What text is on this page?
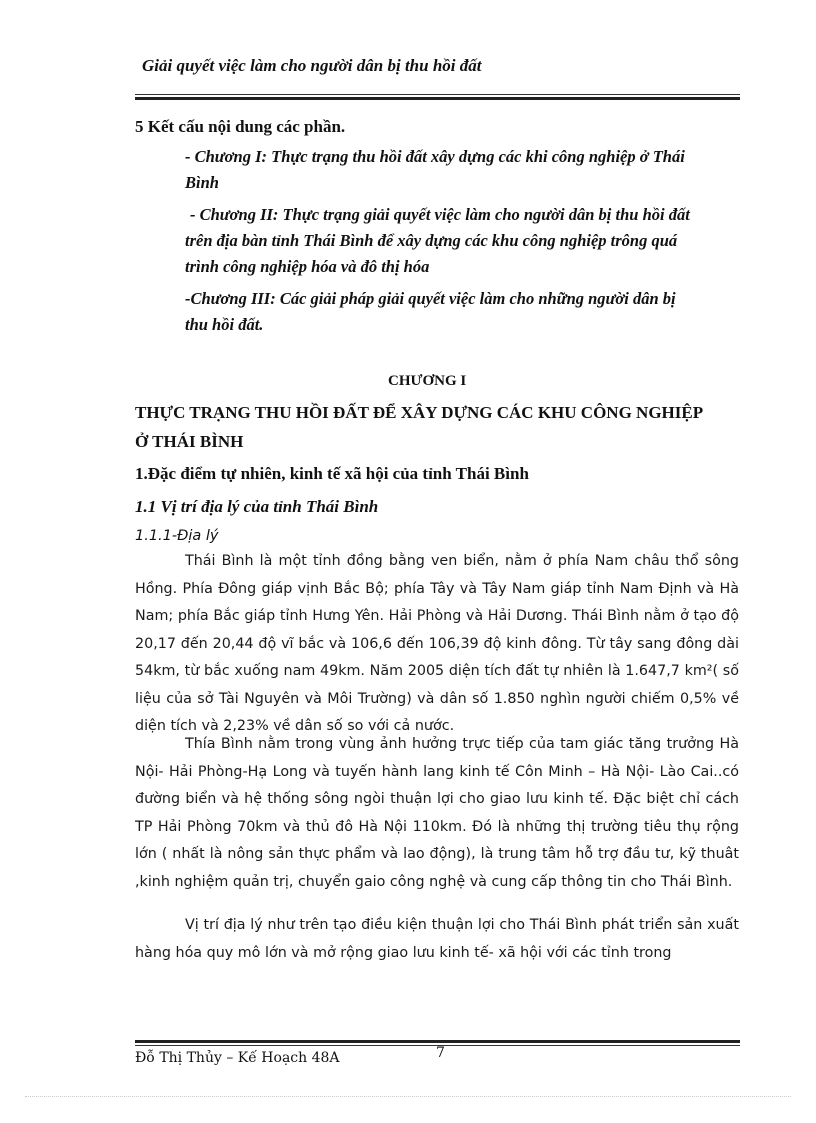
Giải quyết việc làm cho người dân bị thu hồi đất
5 Kết cấu nội dung các phần.
- Chương I: Thực trạng thu hồi đất xây dựng các khi công nghiệp ở Thái
Bình
- Chương II: Thực trạng giải quyết việc làm cho người dân bị thu hồi đất
trên địa bàn tỉnh Thái Bình để xây dựng các khu công nghiệp trông quá
trình công nghiệp hóa và đô thị hóa
-Chương III: Các giải pháp giải quyết việc làm cho những người dân bị
thu hồi đất.
CHƯƠNG I
THỰC TRẠNG THU HỒI ĐẤT ĐỂ XÂY DỰNG CÁC KHU CÔNG NGHIỆP
Ở THÁI BÌNH
1.Đặc điểm tự nhiên, kinh tế xã hội của tỉnh Thái Bình
1.1 Vị trí địa lý của tỉnh Thái Bình
1.1.1-Địa lý

Thái Bình là một tỉnh đồng bằng ven biển, nằm ở phía Nam châu thổ sông Hồng. Phía Đông giáp vịnh Bắc Bộ; phía Tây và Tây Nam giáp tỉnh Nam Định và Hà Nam; phía Bắc giáp tỉnh Hưng Yên. Hải Phòng và Hải Dương. Thái Bình nằm ở tạo độ 20,17 đến 20,44 độ vĩ bắc và 106,6 đến 106,39 độ kinh đông. Từ tây sang đông dài 54km, từ bắc xuống nam 49km. Năm 2005 diện tích đất tự nhiên là 1.647,7 km²( số liệu của sở Tài Nguyên và Môi Trường) và dân số 1.850 nghìn người chiếm 0,5% về diện tích và 2,23% về dân số so với cả nước.

Thía Bình nằm trong vùng ảnh hưởng trực tiếp của tam giác tăng trưởng Hà Nội- Hải Phòng-Hạ Long và tuyến hành lang kinh tế Côn Minh – Hà Nội- Lào Cai..có đường biển và hệ thống sông ngòi thuận lợi cho giao lưu kinh tế. Đặc biệt chỉ cách TP Hải Phòng 70km và thủ đô Hà Nội 110km. Đó là những thị trường tiêu thụ rộng lớn ( nhất là nông sản thực phẩm và lao động), là trung tâm hỗ trợ đầu tư, kỹ thuât ,kinh nghiệm quản trị, chuyển gaio công nghệ và cung cấp thông tin cho Thái Bình.

Vị trí địa lý như trên tạo điều kiện thuận lợi cho Thái Bình phát triển sản xuất hàng hóa quy mô lớn và mở rộng giao lưu kinh tế- xã hội với các tỉnh trong

Đỗ Thị Thủy – Kế Hoạch 48A	7
